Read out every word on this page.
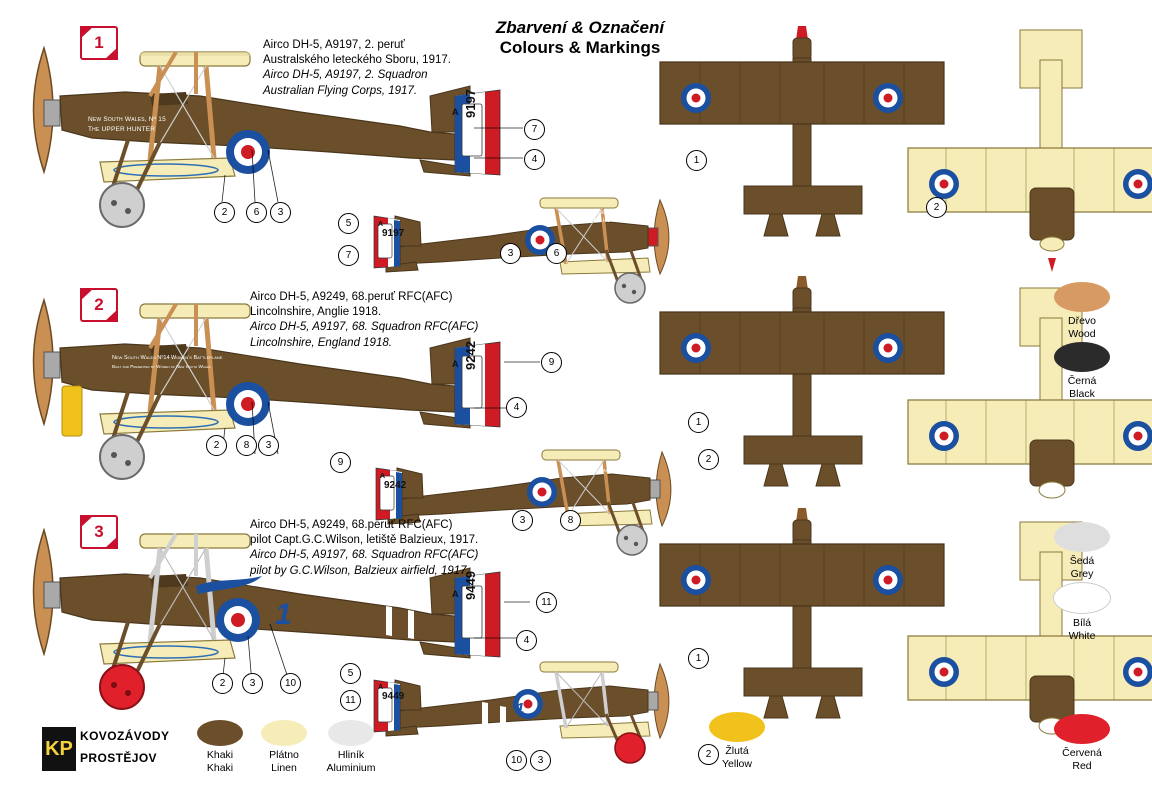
Zbarvení & Označení
Colours & Markings
New South Wales, Nº 15
The UPPER HUNTER
A 9197
A
9197
New South Wales, Nº 15
The UPPER HUNTER
New South Wales Nº14 Women's Battleplane
Built and Presented by Women of New South Wales	A 9242
A
9242
New South Wales Nº14 Women's Battleplane
A 9449
1
A
9449
1
1
2
3
Airco DH-5, A9197, 2. peruť
Australského leteckého Sboru, 1917.
Airco DH-5, A9197, 2. Squadron
Australian Flying Corps, 1917.
Airco DH-5, A9249, 68.peruť RFC(AFC)
Lincolnshire, Anglie 1918.
Airco DH-5, A9197, 68. Squadron RFC(AFC)
Lincolnshire, England 1918.
Airco DH-5, A9249, 68.peruť RFC(AFC)
pilot Capt.G.C.Wilson, letiště Balzieux, 1917.
Airco DH-5, A9197, 68. Squadron RFC(AFC)
pilot by G.C.Wilson, Balzieux airfield, 1917.
2	6	3
7
4
5
7	3	6
1
2
2	8	3
9
4
9
3	8
1
2
2	3	10
11
4
5
11
10	3
1
2
Dřevo
Wood
Černá
Black
Šedá
Grey
Bílá
White
Červená
Red
Khaki
Khaki
Plátno
Linen
Hliník
Aluminium
Žlutá
Yellow
KP
KOVOZÁVODY
PROSTĚJOV
